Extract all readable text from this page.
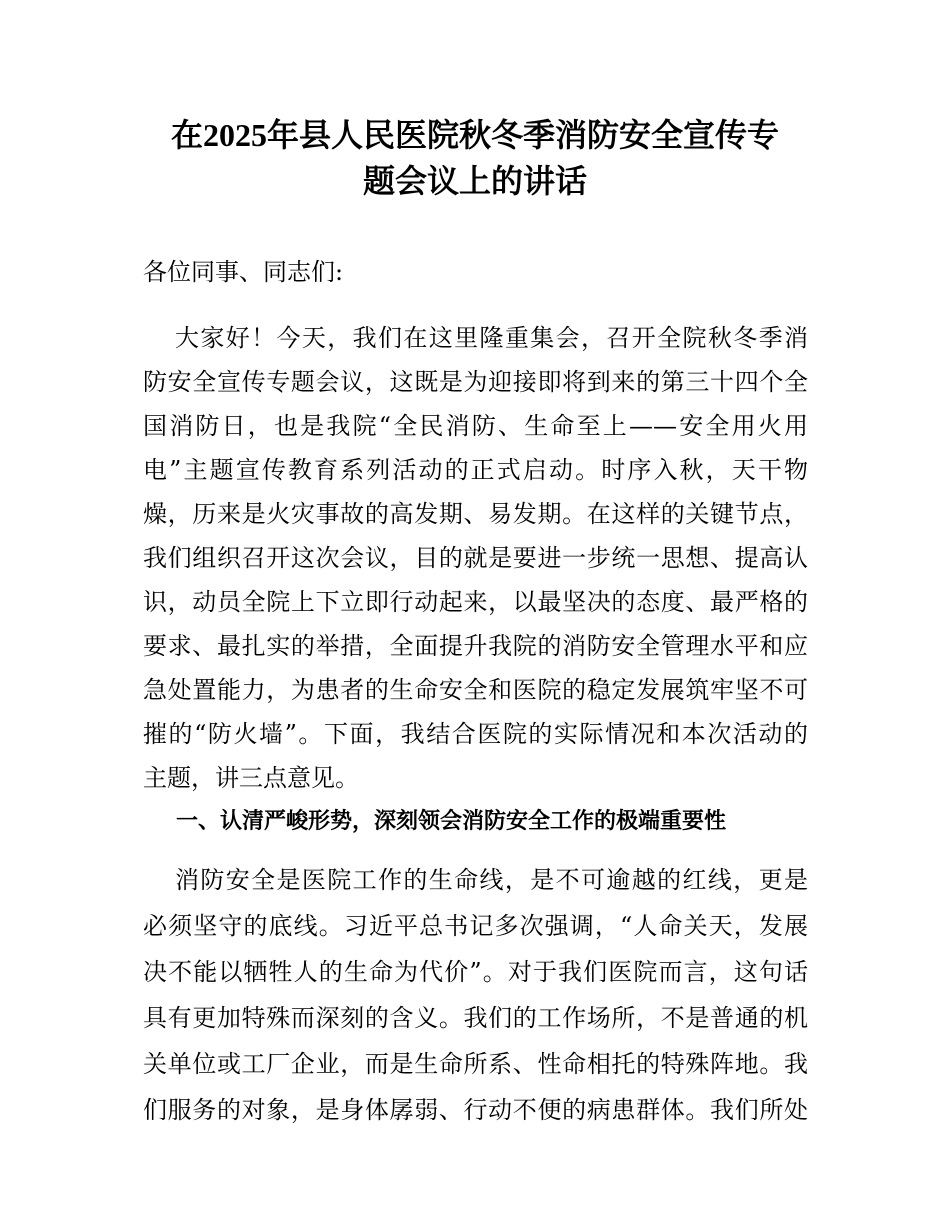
在2025年县人民医院秋冬季消防安全宣传专
题会议上的讲话
各位同事、同志们:
大家好！今天，我们在这里隆重集会，召开全院秋冬季消
防安全宣传专题会议，这既是为迎接即将到来的第三十四个全
国消防日，也是我院“全民消防、生命至上——安全用火用
电”主题宣传教育系列活动的正式启动。时序入秋，天干物
燥，历来是火灾事故的高发期、易发期。在这样的关键节点，
我们组织召开这次会议，目的就是要进一步统一思想、提高认
识，动员全院上下立即行动起来，以最坚决的态度、最严格的
要求、最扎实的举措，全面提升我院的消防安全管理水平和应
急处置能力，为患者的生命安全和医院的稳定发展筑牢坚不可
摧的“防火墙”。下面，我结合医院的实际情况和本次活动的
主题，讲三点意见。
一、认清严峻形势，深刻领会消防安全工作的极端重要性
消防安全是医院工作的生命线，是不可逾越的红线，更是
必须坚守的底线。习近平总书记多次强调，“人命关天，发展
决不能以牺牲人的生命为代价”。对于我们医院而言，这句话
具有更加特殊而深刻的含义。我们的工作场所，不是普通的机
关单位或工厂企业，而是生命所系、性命相托的特殊阵地。我
们服务的对象，是身体孱弱、行动不便的病患群体。我们所处
